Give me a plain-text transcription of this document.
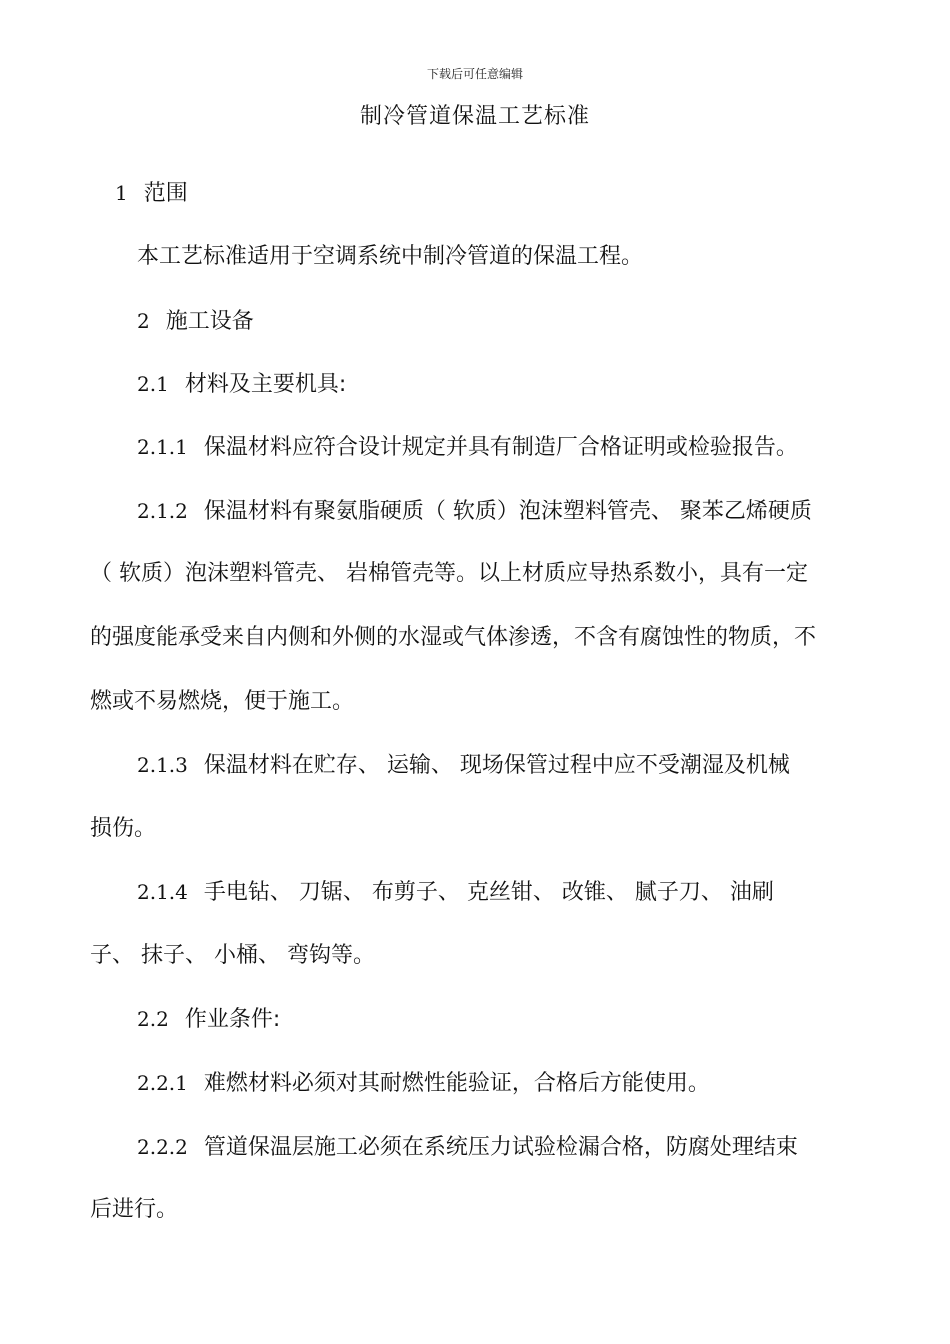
下载后可任意编辑
制冷管道保温工艺标准
1 范围
本工艺标准适用于空调系统中制冷管道的保温工程。
2 施工设备
2.1 材料及主要机具:
2.1.1 保温材料应符合设计规定并具有制造厂合格证明或检验报告。
2.1.2 保温材料有聚氨脂硬质（ 软质）泡沫塑料管壳、 聚苯乙烯硬质
（ 软质）泡沫塑料管壳、 岩棉管壳等。以上材质应导热系数小，具有一定
的强度能承受来自内侧和外侧的水湿或气体渗透，不含有腐蚀性的物质，不
燃或不易燃烧，便于施工。
2.1.3 保温材料在贮存、 运输、 现场保管过程中应不受潮湿及机械
损伤。
2.1.4 手电钻、 刀锯、 布剪子、 克丝钳、 改锥、 腻子刀、 油刷
子、 抹子、 小桶、 弯钩等。
2.2 作业条件:
2.2.1 难燃材料必须对其耐燃性能验证，合格后方能使用。
2.2.2 管道保温层施工必须在系统压力试验检漏合格，防腐处理结束
后进行。
